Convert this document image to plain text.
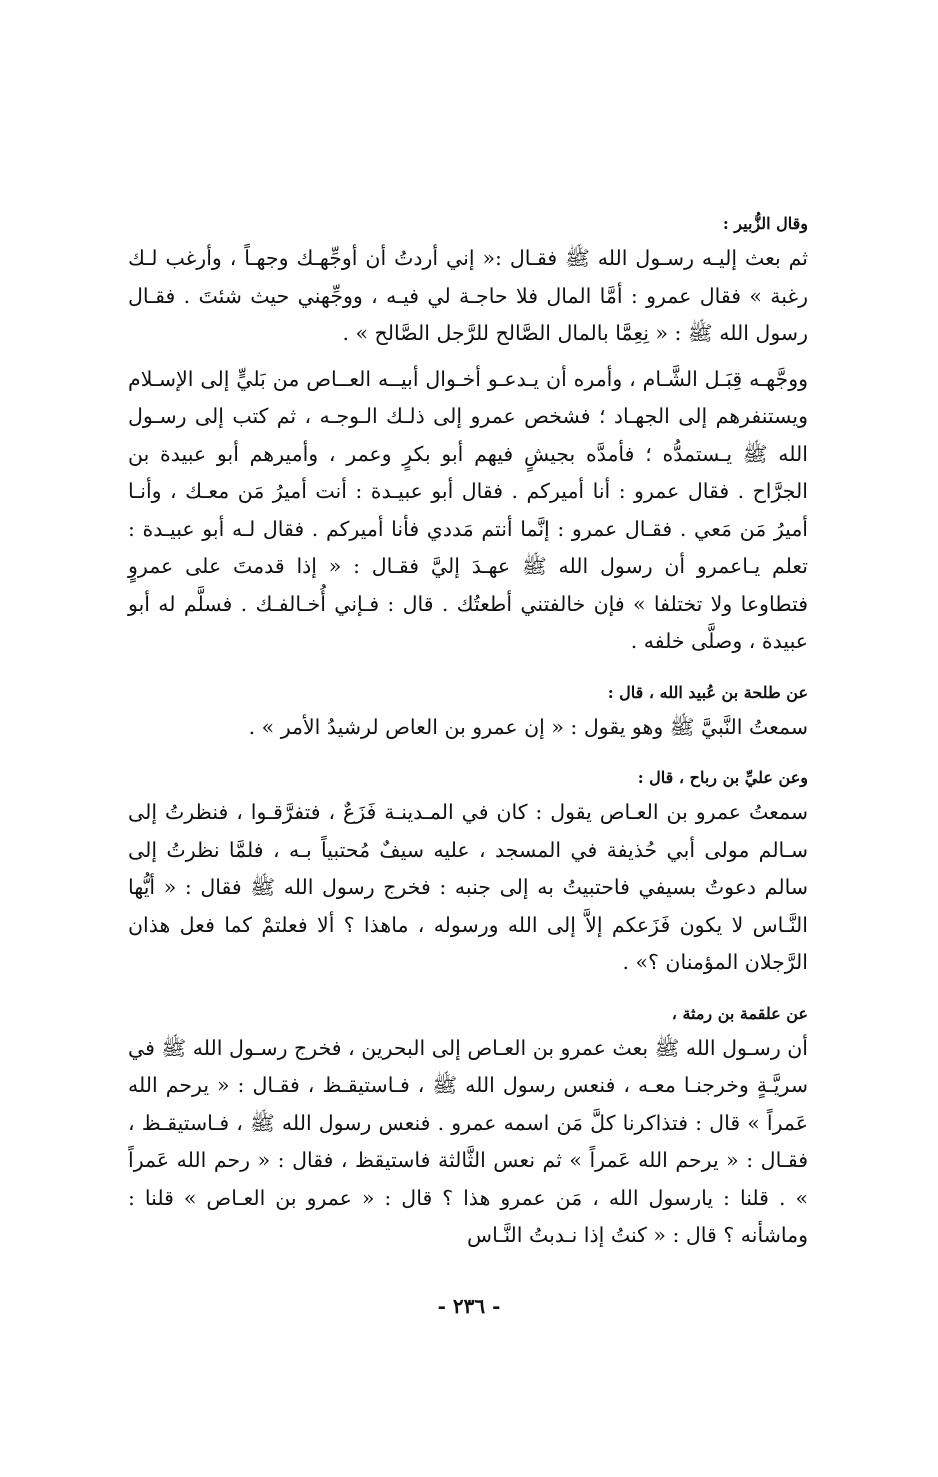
وقال الزُّبير :

ثم بعث إليـه رسـول الله ﷺ فقـال :« إني أردتُ أن أوجِّهـك وجهـاً ، وأرغب لـك رغبة » فقال عمرو : أمَّا المال فلا حاجـة لي فيـه ، ووجِّهني حيث شئتَ . فقـال رسول الله ﷺ : « نِعِمَّا بالمال الصَّالح للرَّجل الصَّالح » .

ووجَّهـه قِبَـل الشَّـام ، وأمره أن يـدعـو أخـوال أبيــه العــاص من بَليٍّ إلى الإسـلام ويستنفرهم إلى الجهـاد ؛ فشخص عمرو إلى ذلـك الـوجـه ، ثم كتب إلى رسـول الله ﷺ يـستمدُّه ؛ فأمدَّه بجيشٍ فيهم أبو بكرٍ وعمر ، وأميرهم أبو عبيدة بن الجرَّاح . فقال عمرو : أنا أميركم . فقال أبو عبيـدة : أنت أميرُ مَن معـك ، وأنـا أميرُ مَن مَعي . فقـال عمرو : إنَّما أنتم مَددي فأنا أميركم . فقال لـه أبو عبيـدة : تعلم يـاعمرو أن رسول الله ﷺ عهـدَ إليَّ فقـال : « إذا قدمتَ على عمروٍ فتطاوعا ولا تختلفا » فإن خالفتني أطعتُك . قال : فـإني أُخـالفـك . فسلَّم له أبو عبيدة ، وصلَّى خلفه .

عن طلحة بن عُبيد الله ، قال :

سمعتُ النَّبيَّ ﷺ وهو يقول : « إن عمرو بن العاص لرشيدُ الأمر » .

وعن عليِّ بن رباح ، قال :

سمعتُ عمرو بن العـاص يقول : كان في المـدينـة فَزَعٌ ، فتفرَّقـوا ، فنظرتُ إلى سـالم مولى أبي حُذيفة في المسجد ، عليه سيفٌ مُحتبياً بـه ، فلمَّا نظرتُ إلى سالم دعوتُ بسيفي فاحتبيتُ به إلى جنبه : فخرج رسول الله ﷺ فقال : « أيُّها النَّـاس لا يكون فَزَعكم إلاَّ إلى الله ورسوله ، ماهذا ؟ ألا فعلتمْ كما فعل هذان الرَّجلان المؤمنان ؟» .

عن علقمة بن رمثة ،

أن رسـول الله ﷺ بعث عمرو بن العـاص إلى البحرين ، فخرج رسـول الله ﷺ في سريَّـةٍ وخرجنـا معـه ، فنعس رسول الله ﷺ ، فـاستيقـظ ، فقـال : « يرحم الله عَمراً » قال : فتذاكرنا كلَّ مَن اسمه عمرو . فنعس رسول الله ﷺ ، فـاستيقـظ ، فقـال : « يرحم الله عَمراً » ثم نعس الثَّالثة فاستيقظ ، فقال : « رحم الله عَمراً » . قلنا : يارسول الله ، مَن عمرو هذا ؟ قال : « عمرو بن العـاص » قلنا : وماشأنه ؟ قال : « كنتُ إذا نـدبتُ النَّـاس

- ٢٣٦ -
